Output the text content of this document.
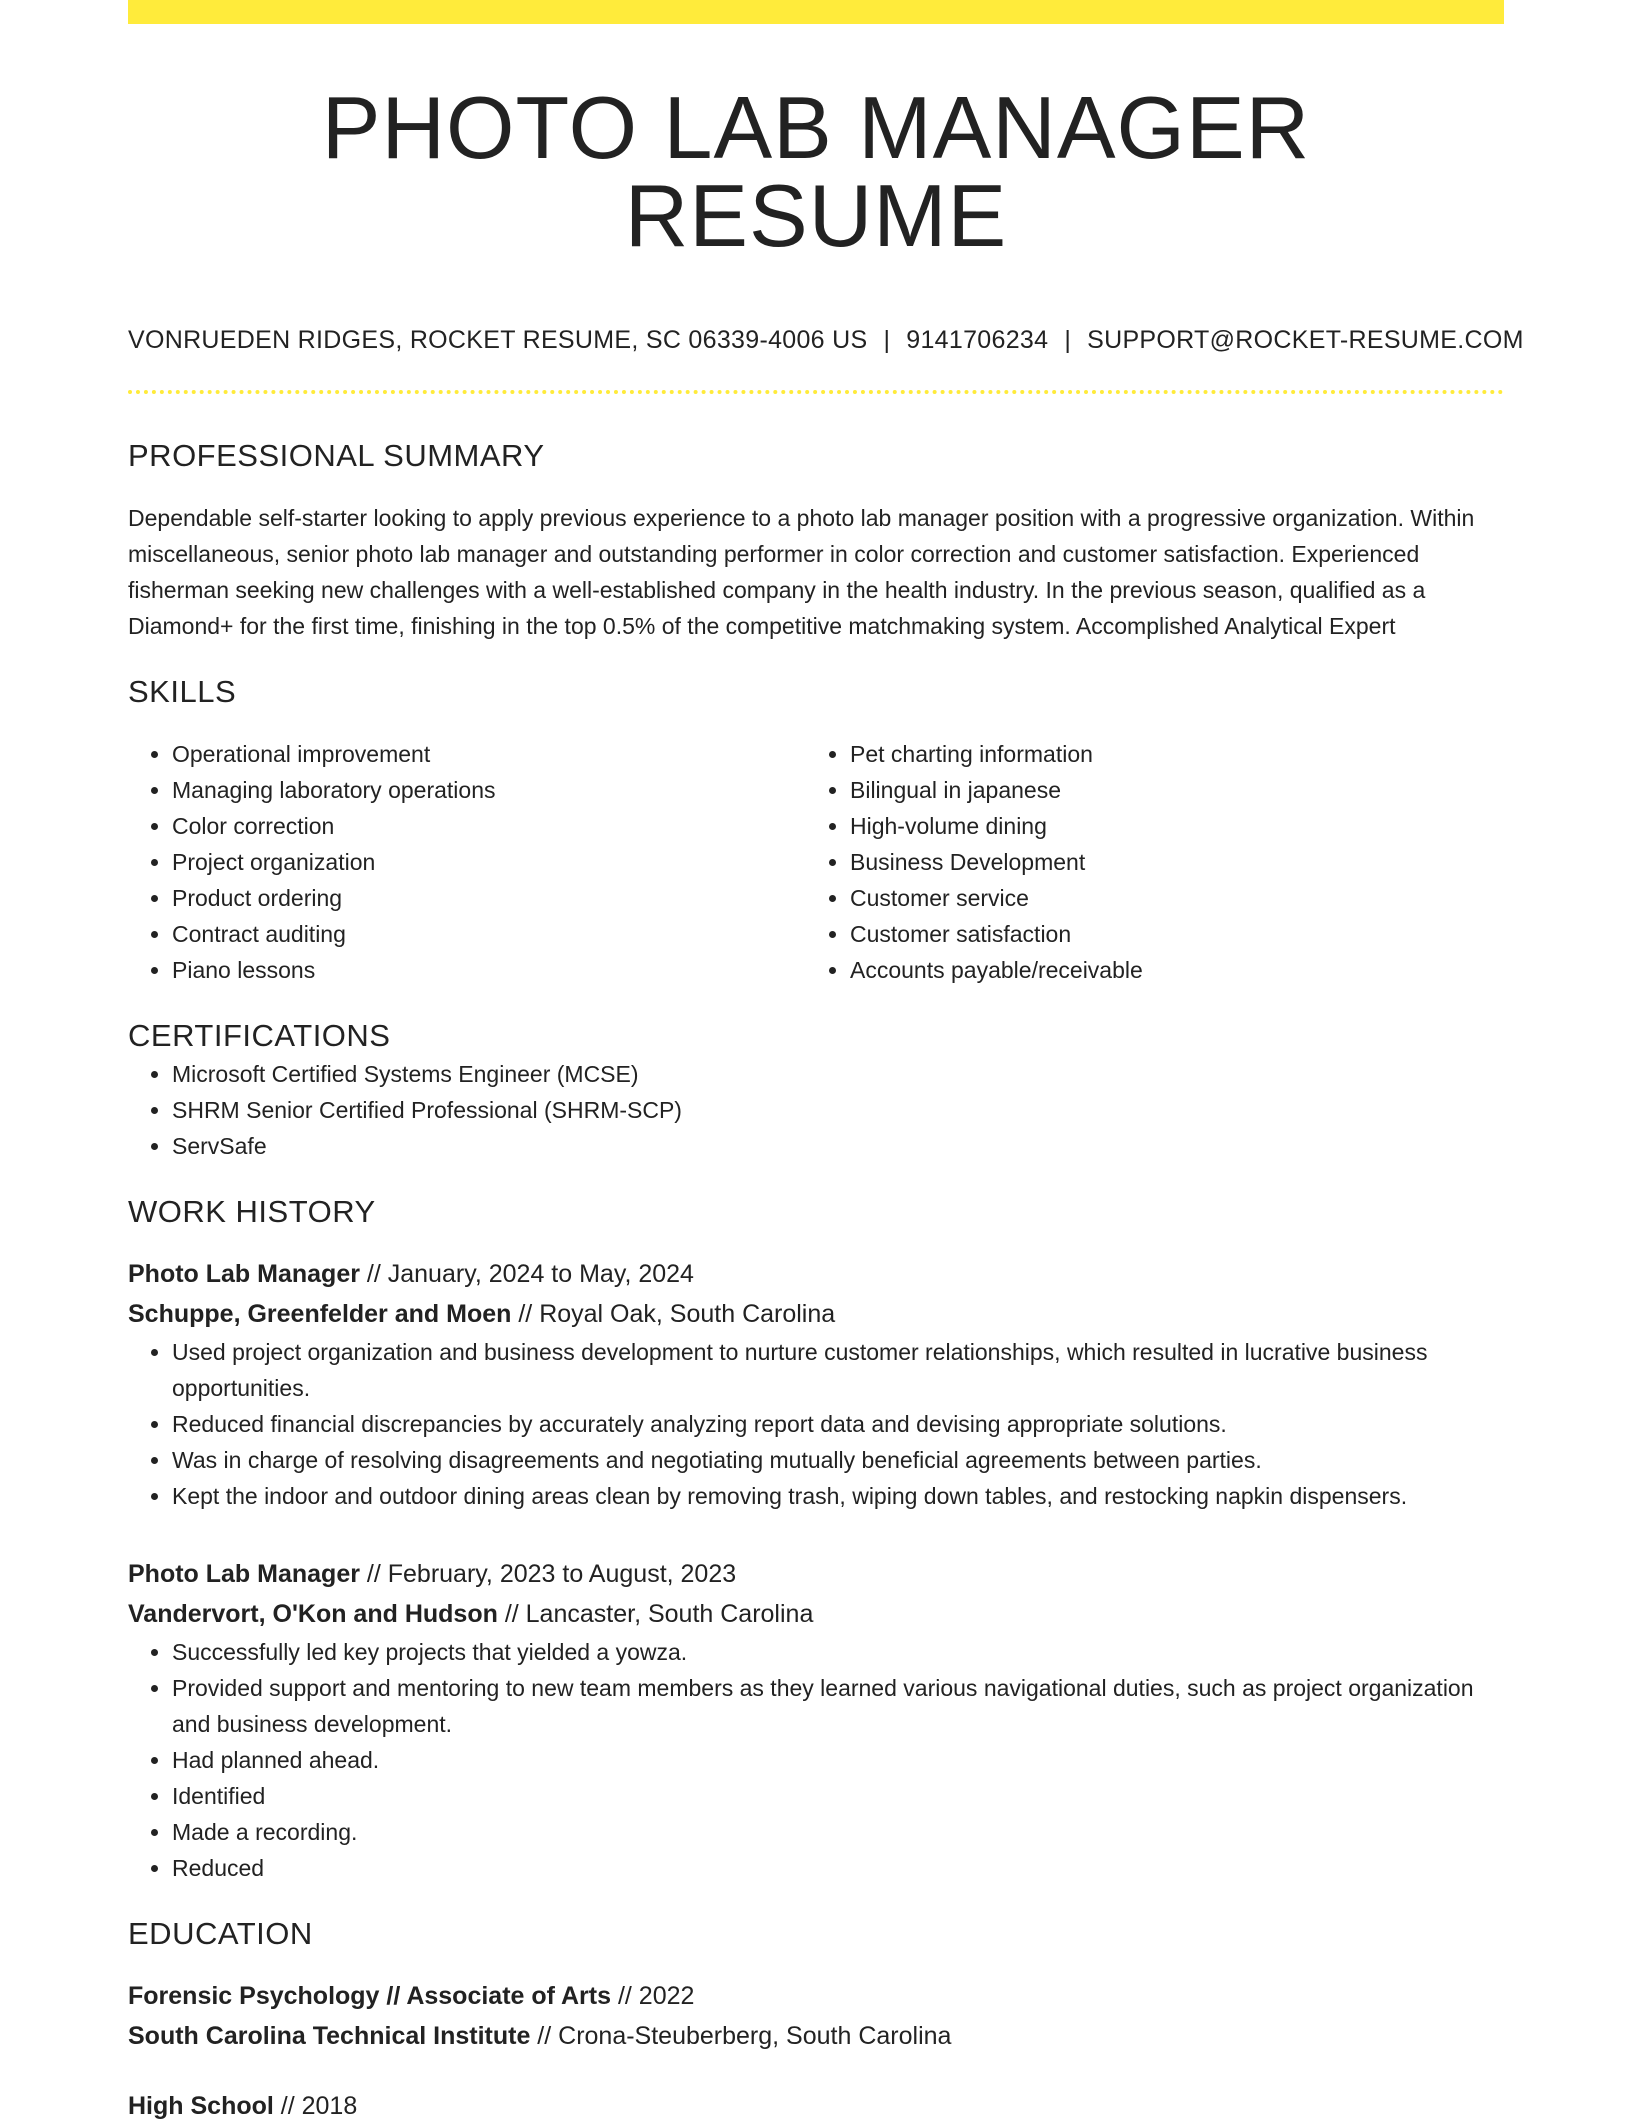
PHOTO LAB MANAGER RESUME
VONRUEDEN RIDGES, ROCKET RESUME, SC 06339-4006 US | 9141706234 | SUPPORT@ROCKET-RESUME.COM
PROFESSIONAL SUMMARY

Dependable self-starter looking to apply previous experience to a photo lab manager position with a progressive organization. Within miscellaneous, senior photo lab manager and outstanding performer in color correction and customer satisfaction. Experienced fisherman seeking new challenges with a well-established company in the health industry. In the previous season, qualified as a Diamond+ for the first time, finishing in the top 0.5% of the competitive matchmaking system. Accomplished Analytical Expert

SKILLS
• Operational improvement
• Managing laboratory operations
• Color correction
• Project organization
• Product ordering
• Contract auditing
• Piano lessons
• Pet charting information
• Bilingual in japanese
• High-volume dining
• Business Development
• Customer service
• Customer satisfaction
• Accounts payable/receivable
CERTIFICATIONS
• Microsoft Certified Systems Engineer (MCSE)
• SHRM Senior Certified Professional (SHRM-SCP)
• ServSafe
WORK HISTORY
Photo Lab Manager // January, 2024 to May, 2024
Schuppe, Greenfelder and Moen // Royal Oak, South Carolina
• Used project organization and business development to nurture customer relationships, which resulted in lucrative business opportunities.
• Reduced financial discrepancies by accurately analyzing report data and devising appropriate solutions.
• Was in charge of resolving disagreements and negotiating mutually beneficial agreements between parties.
• Kept the indoor and outdoor dining areas clean by removing trash, wiping down tables, and restocking napkin dispensers.
Photo Lab Manager // February, 2023 to August, 2023
Vandervort, O'Kon and Hudson // Lancaster, South Carolina
• Successfully led key projects that yielded a yowza.
• Provided support and mentoring to new team members as they learned various navigational duties, such as project organization and business development.
• Had planned ahead.
• Identified
• Made a recording.
• Reduced
EDUCATION
Forensic Psychology // Associate of Arts // 2022
South Carolina Technical Institute // Crona-Steuberberg, South Carolina
High School // 2018
